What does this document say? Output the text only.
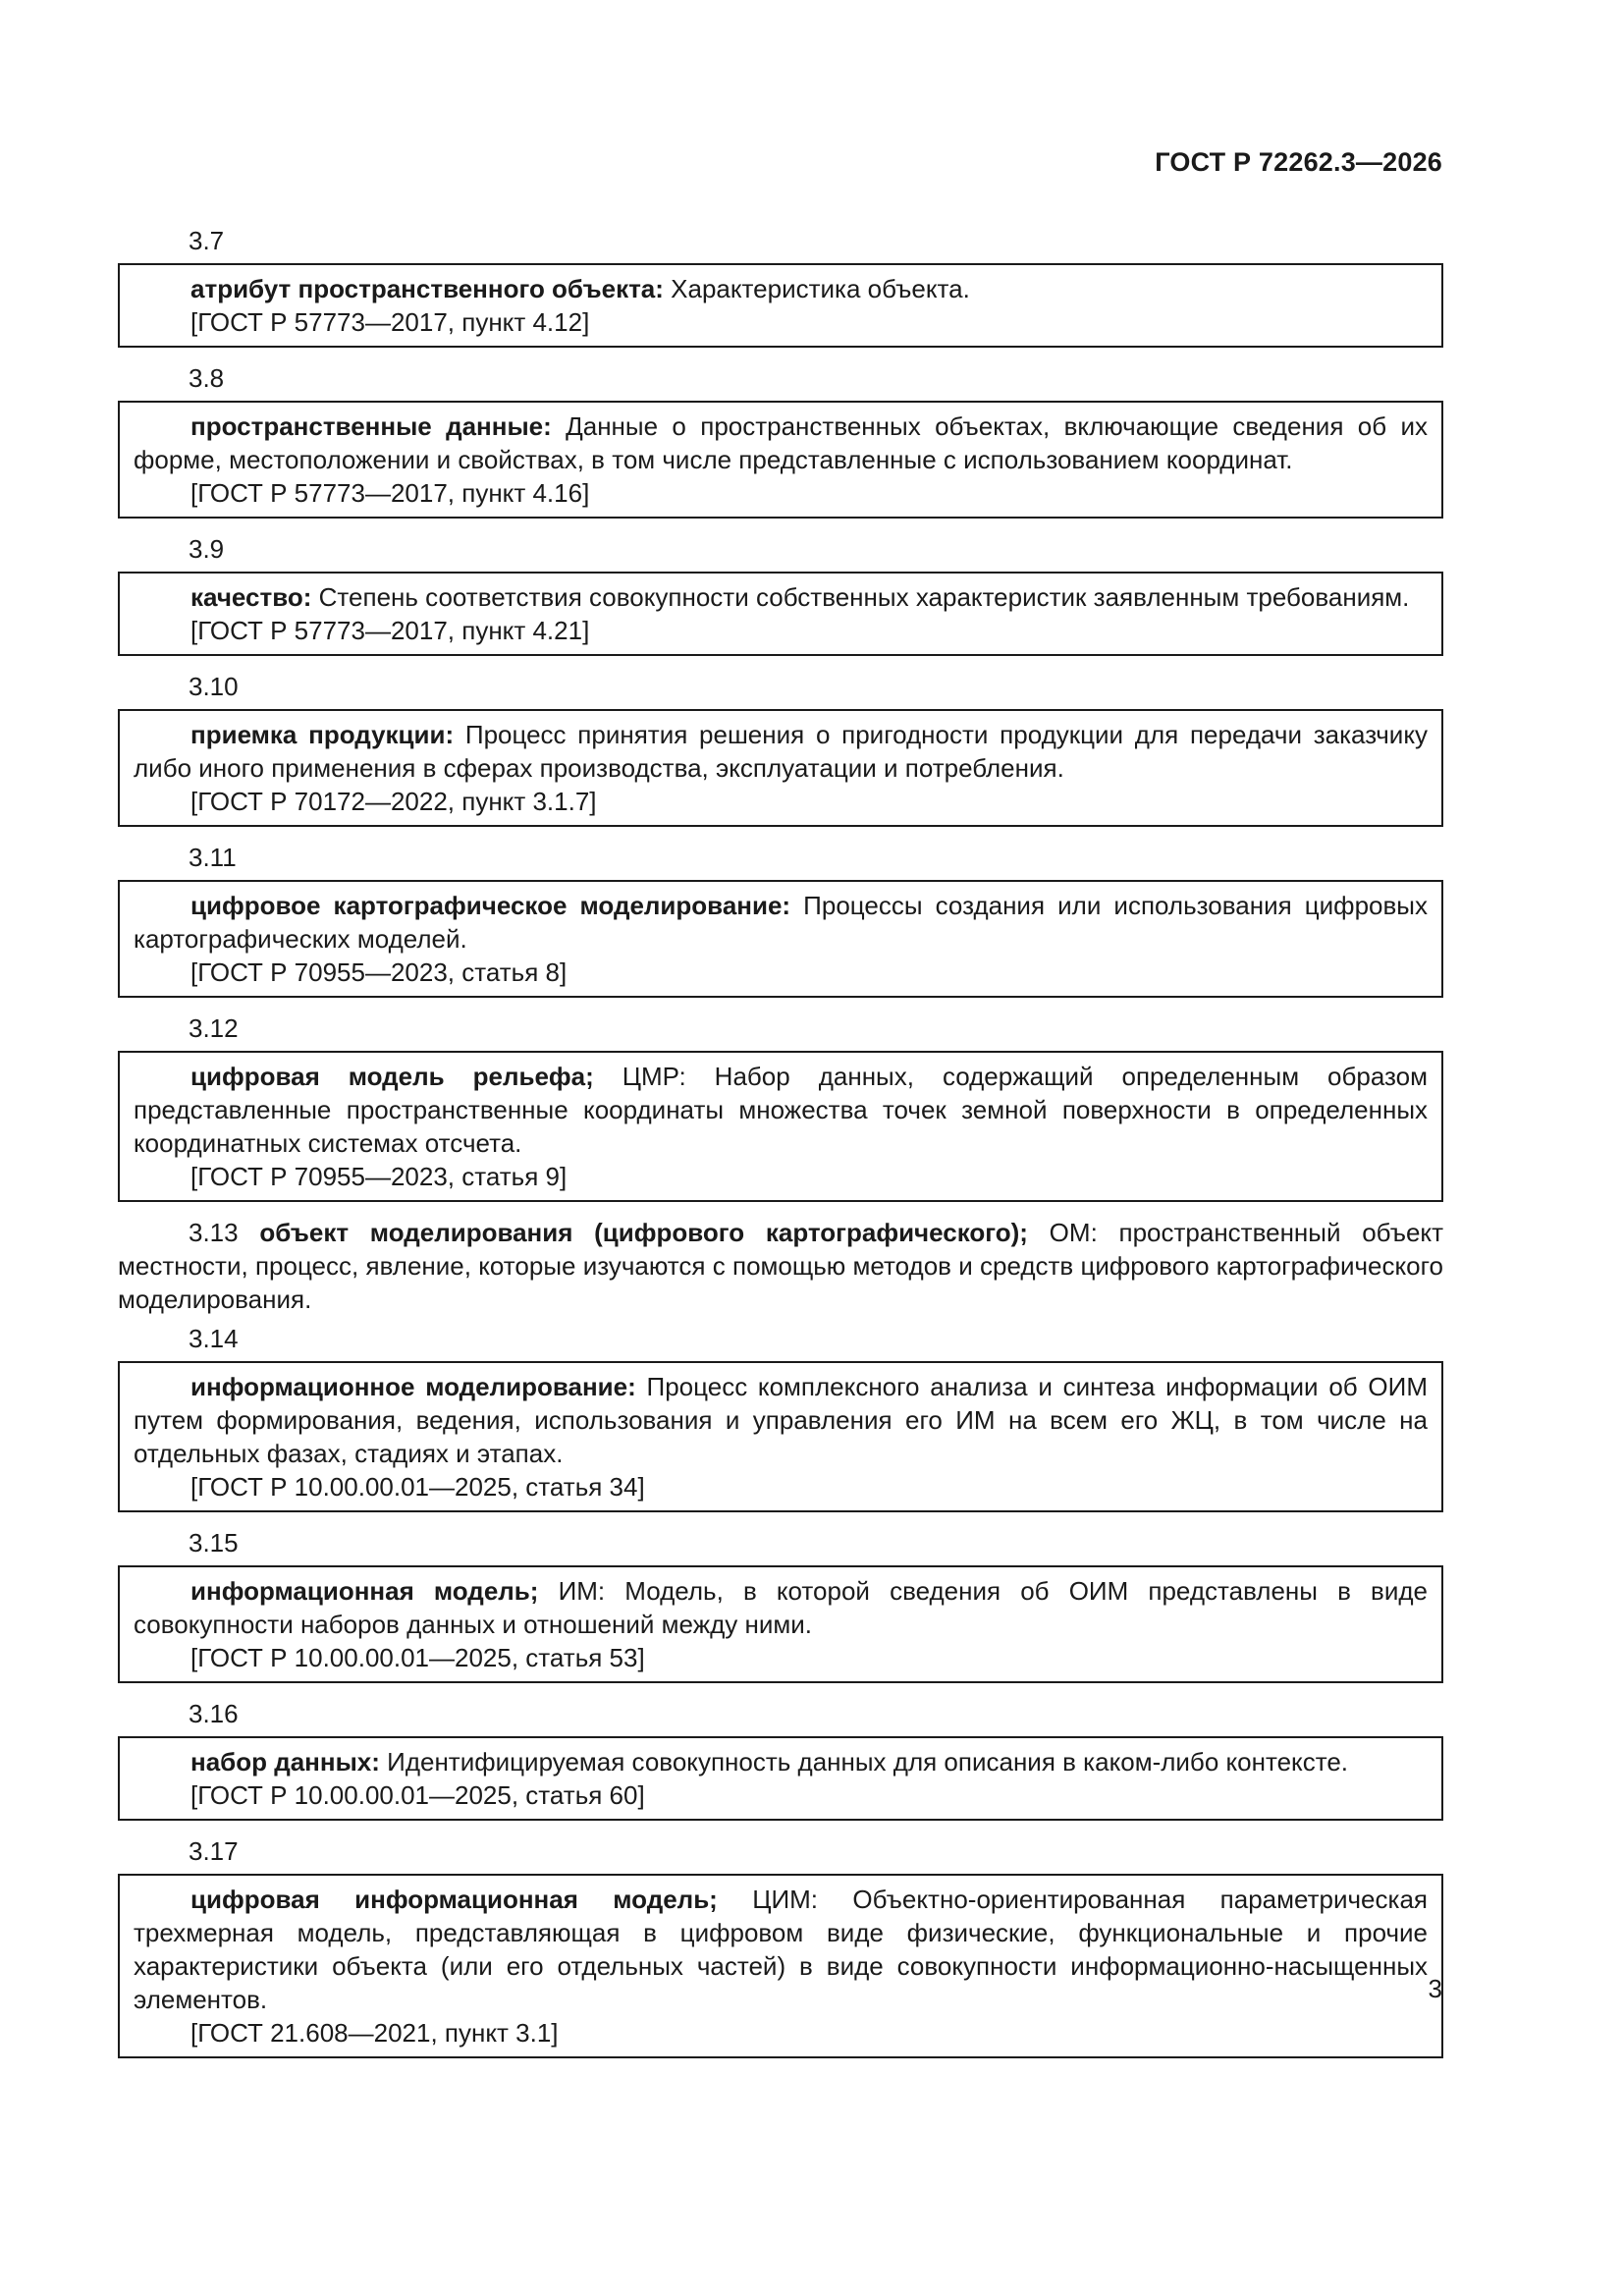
ГОСТ Р 72262.3—2026
3.7

атрибут пространственного объекта: Характеристика объекта.

[ГОСТ Р 57773—2017, пункт 4.12]

3.8

пространственные данные: Данные о пространственных объектах, включающие сведения об их форме, местоположении и свойствах, в том числе представленные с использованием координат.

[ГОСТ Р 57773—2017, пункт 4.16]

3.9

качество: Степень соответствия совокупности собственных характеристик заявленным требованиям.

[ГОСТ Р 57773—2017, пункт 4.21]

3.10

приемка продукции: Процесс принятия решения о пригодности продукции для передачи заказчику либо иного применения в сферах производства, эксплуатации и потребления.

[ГОСТ Р 70172—2022, пункт 3.1.7]

3.11

цифровое картографическое моделирование: Процессы создания или использования цифровых картографических моделей.

[ГОСТ Р 70955—2023, статья 8]

3.12

цифровая модель рельефа; ЦМР: Набор данных, содержащий определенным образом представленные пространственные координаты множества точек земной поверхности в определенных координатных системах отсчета.

[ГОСТ Р 70955—2023, статья 9]

3.13 объект моделирования (цифрового картографического); ОМ: пространственный объект местности, процесс, явление, которые изучаются с помощью методов и средств цифрового картографического моделирования.

3.14

информационное моделирование: Процесс комплексного анализа и синтеза информации об ОИМ путем формирования, ведения, использования и управления его ИМ на всем его ЖЦ, в том числе на отдельных фазах, стадиях и этапах.

[ГОСТ Р 10.00.00.01—2025, статья 34]

3.15

информационная модель; ИМ: Модель, в которой сведения об ОИМ представлены в виде совокупности наборов данных и отношений между ними.

[ГОСТ Р 10.00.00.01—2025, статья 53]

3.16

набор данных: Идентифицируемая совокупность данных для описания в каком-либо контексте.

[ГОСТ Р 10.00.00.01—2025, статья 60]

3.17

цифровая информационная модель; ЦИМ: Объектно-ориентированная параметрическая трехмерная модель, представляющая в цифровом виде физические, функциональные и прочие характеристики объекта (или его отдельных частей) в виде совокупности информационно-насыщенных элементов.

[ГОСТ 21.608—2021, пункт 3.1]

3
